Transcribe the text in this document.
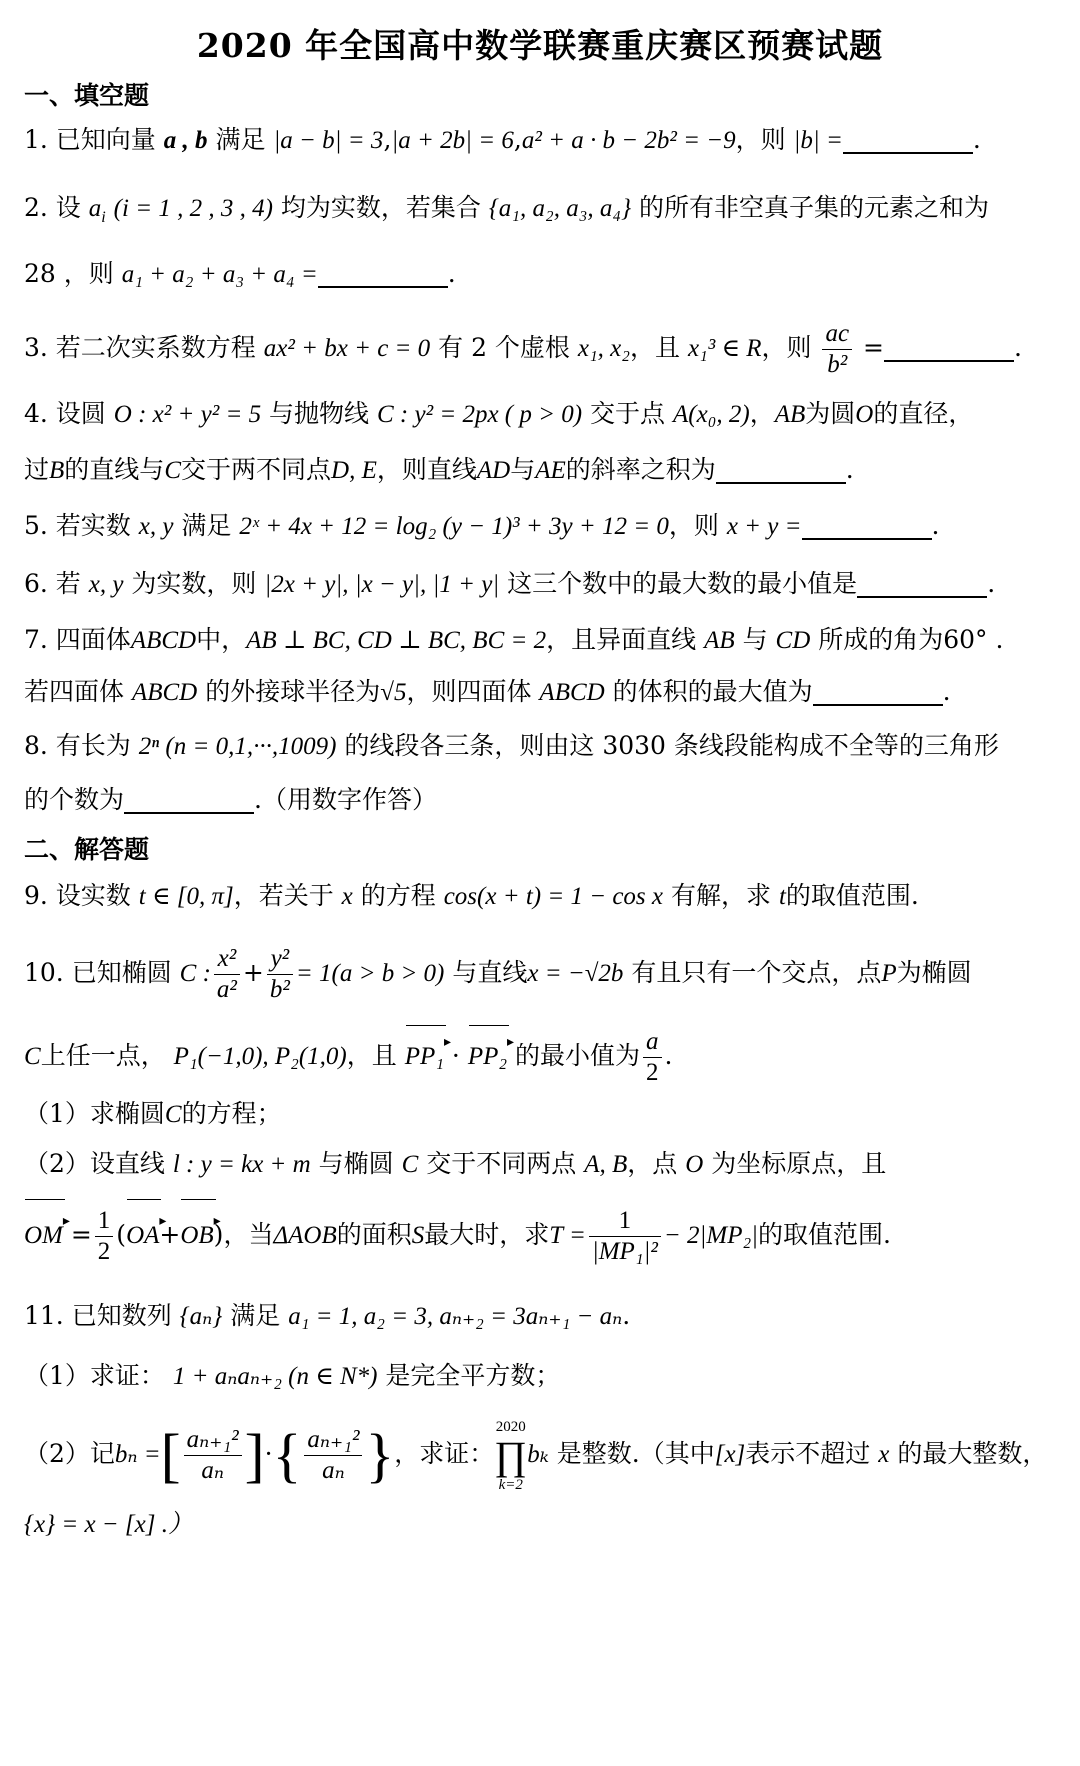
2020 年全国高中数学联赛重庆赛区预赛试题
一、填空题
1. 已知向量 a , b 满足 |a − b| = 3,|a + 2b| = 6,a² + a · b − 2b² = −9，则 |b| =	.
2. 设 $a_i$ (i = 1 , 2 , 3 , 4) 均为实数，若集合 {a₁, a₂, a₃, a₄} 的所有非空真子集的元素之和为
28 ，则 a₁ + a₂ + a₃ + a₄ =	.
3. 若二次实系数方程 ax² + bx + c = 0 有 2 个虚根 x₁, x₂，且 x₁³ ∈ R，则 $\frac{ac}{\text{b²}}$ =	.
4. 设圆 O : x² + y² = 5 与抛物线 C : y² = 2px ( p > 0) 交于点 A(x₀, 2)，AB为圆O的直径，
过B的直线与C交于两不同点D, E，则直线AD与AE的斜率之积为	.
5. 若实数 x, y 满足 2ˣ + 4x + 12 = log₂ (y − 1)³ + 3y + 12 = 0，则 x + y =	.
6. 若 x, y 为实数，则 |2x + y|, |x − y|, |1 + y| 这三个数中的最大数的最小值是	.
7. 四面体ABCD中，AB ⊥ BC, CD ⊥ BC, BC = 2，且异面直线 AB 与 CD 所成的角为60° .
若四面体 ABCD 的外接球半径为√5，则四面体 ABCD 的体积的最大值为	.
8. 有长为 2ⁿ (n = 0,1,···,1009) 的线段各三条，则由这 3030 条线段能构成不全等的三角形
的个数为	.（用数字作答）
二、解答题
9. 设实数 t ∈ [0, π]，若关于 x 的方程 cos(x + t) = 1 − cos x 有解，求 t的取值范围.
10. 已知椭圆 C : $\frac{\text{x²}}{\text{a²}} + \frac{\text{y²}}{\text{b²}} = 1(a > b > 0)$ 与直线x = −√2b 有且只有一个交点，点P为椭圆
C上任一点， P₁(−1,0), P₂(1,0)，且 PP₁ ▸ · PP₂ ▸ 的最小值为 $\frac{a}{2}$ .
（1）求椭圆C的方程；
（2）设直线 l : y = kx + m 与椭圆 C 交于不同两点 A, B，点 O 为坐标原点，且
OM ▸ = $\frac{1}{2} (OA$ ▸+OB ▸)，当ΔAOB的面积S最大时，求$T = \frac{1}{\text{|MP₁|²}} - 2|MP_2|$的取值范围.
11. 已知数列 {aₙ} 满足 a₁ = 1, a₂ = 3, aₙ₊₂ = 3aₙ₊₁ − aₙ.
（1）求证： 1 + aₙaₙ₊₂ (n ∈ N*) 是完全平方数；
（2）记bₙ =[ $\frac{\text{aₙ₊₁²}}{\text{aₙ}}$ ]·{ $\frac{\text{aₙ₊₁²}}{\text{aₙ}}$ }，求证：
2020
∏
k=2
bₖ 是整数.（其中[x]表示不超过 x 的最大整数，
{x} = x − [x] .）
